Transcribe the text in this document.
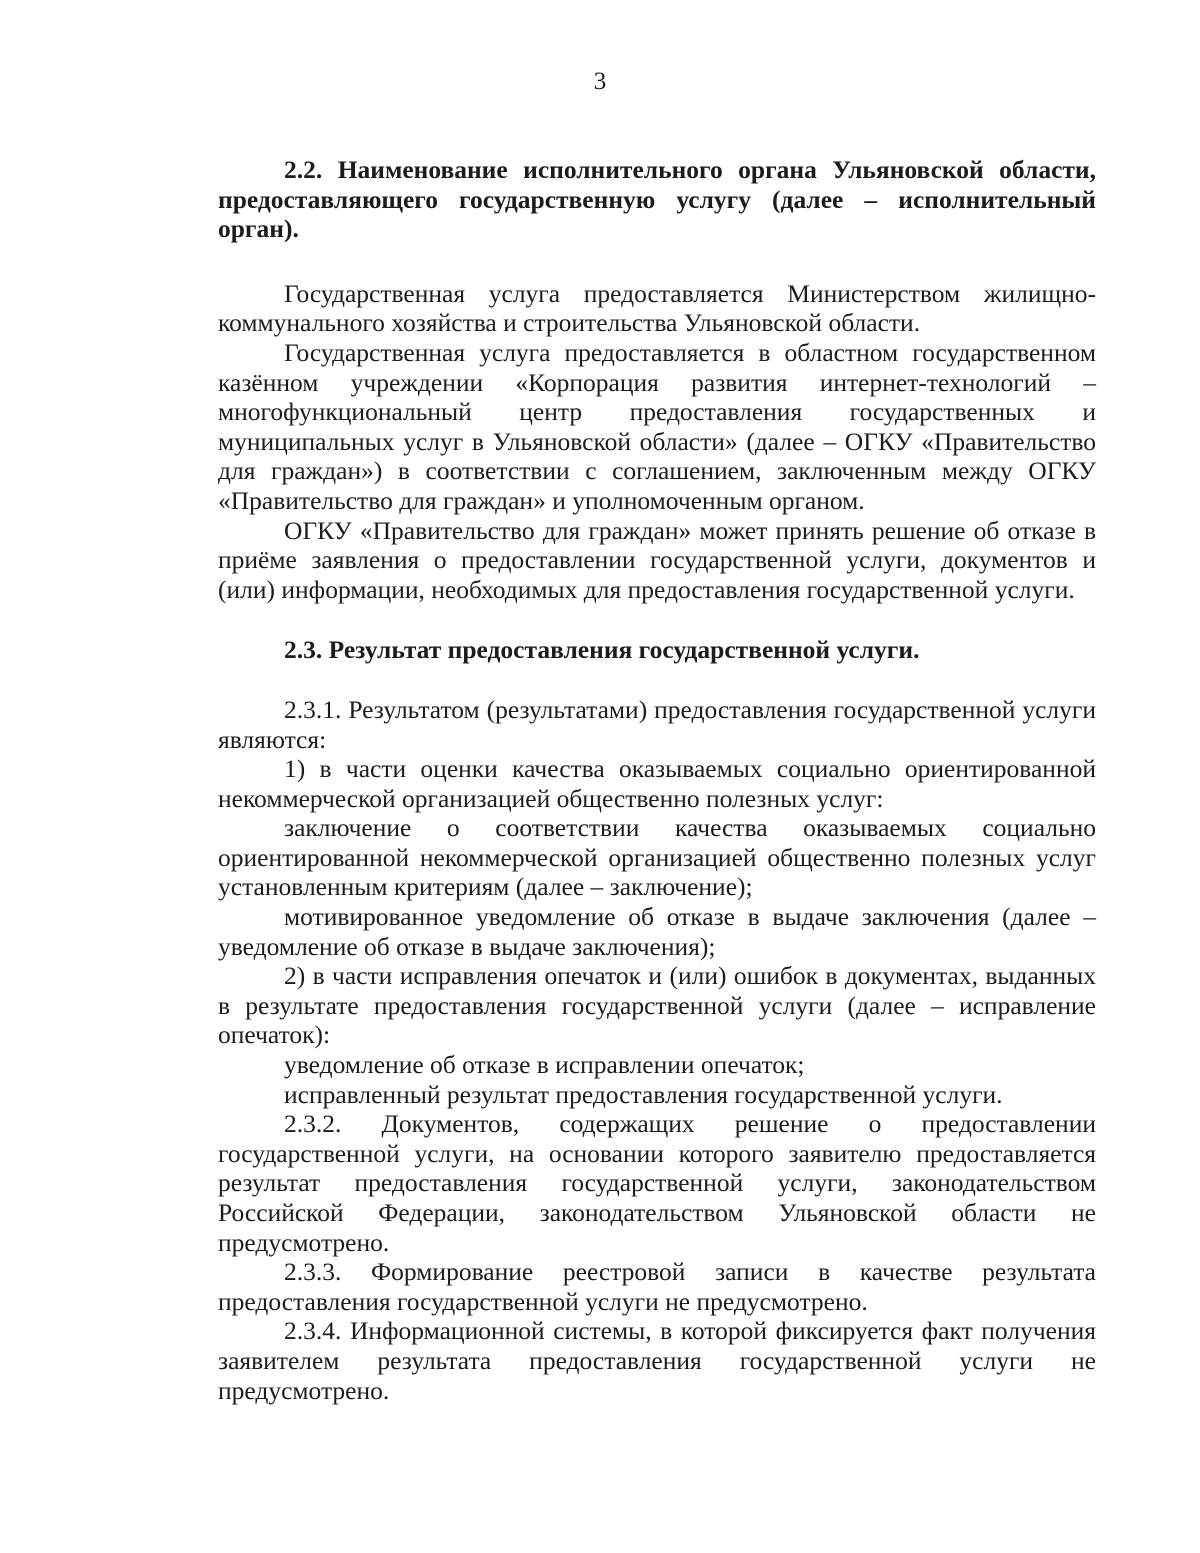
3

2.2. Наименование исполнительного органа Ульяновской области, предоставляющего государственную услугу (далее – исполнительный орган).

Государственная услуга предоставляется Министерством жилищно-коммунального хозяйства и строительства Ульяновской области.

Государственная услуга предоставляется в областном государственном казённом учреждении «Корпорация развития интернет-технологий – многофункциональный центр предоставления государственных и муниципальных услуг в Ульяновской области» (далее – ОГКУ «Правительство для граждан») в соответствии с соглашением, заключенным между ОГКУ «Правительство для граждан» и уполномоченным органом.

ОГКУ «Правительство для граждан» может принять решение об отказе в приёме заявления о предоставлении государственной услуги, документов и (или) информации, необходимых для предоставления государственной услуги.

2.3. Результат предоставления государственной услуги.

2.3.1. Результатом (результатами) предоставления государственной услуги являются:

1) в части оценки качества оказываемых социально ориентированной некоммерческой организацией общественно полезных услуг:

заключение о соответствии качества оказываемых социально ориентированной некоммерческой организацией общественно полезных услуг установленным критериям (далее – заключение);

мотивированное уведомление об отказе в выдаче заключения (далее – уведомление об отказе в выдаче заключения);

2) в части исправления опечаток и (или) ошибок в документах, выданных в результате предоставления государственной услуги (далее – исправление опечаток):

уведомление об отказе в исправлении опечаток;

исправленный результат предоставления государственной услуги.

2.3.2. Документов, содержащих решение о предоставлении государственной услуги, на основании которого заявителю предоставляется результат предоставления государственной услуги, законодательством Российской Федерации, законодательством Ульяновской области не предусмотрено.

2.3.3. Формирование реестровой записи в качестве результата предоставления государственной услуги не предусмотрено.

2.3.4. Информационной системы, в которой фиксируется факт получения заявителем результата предоставления государственной услуги не предусмотрено.
